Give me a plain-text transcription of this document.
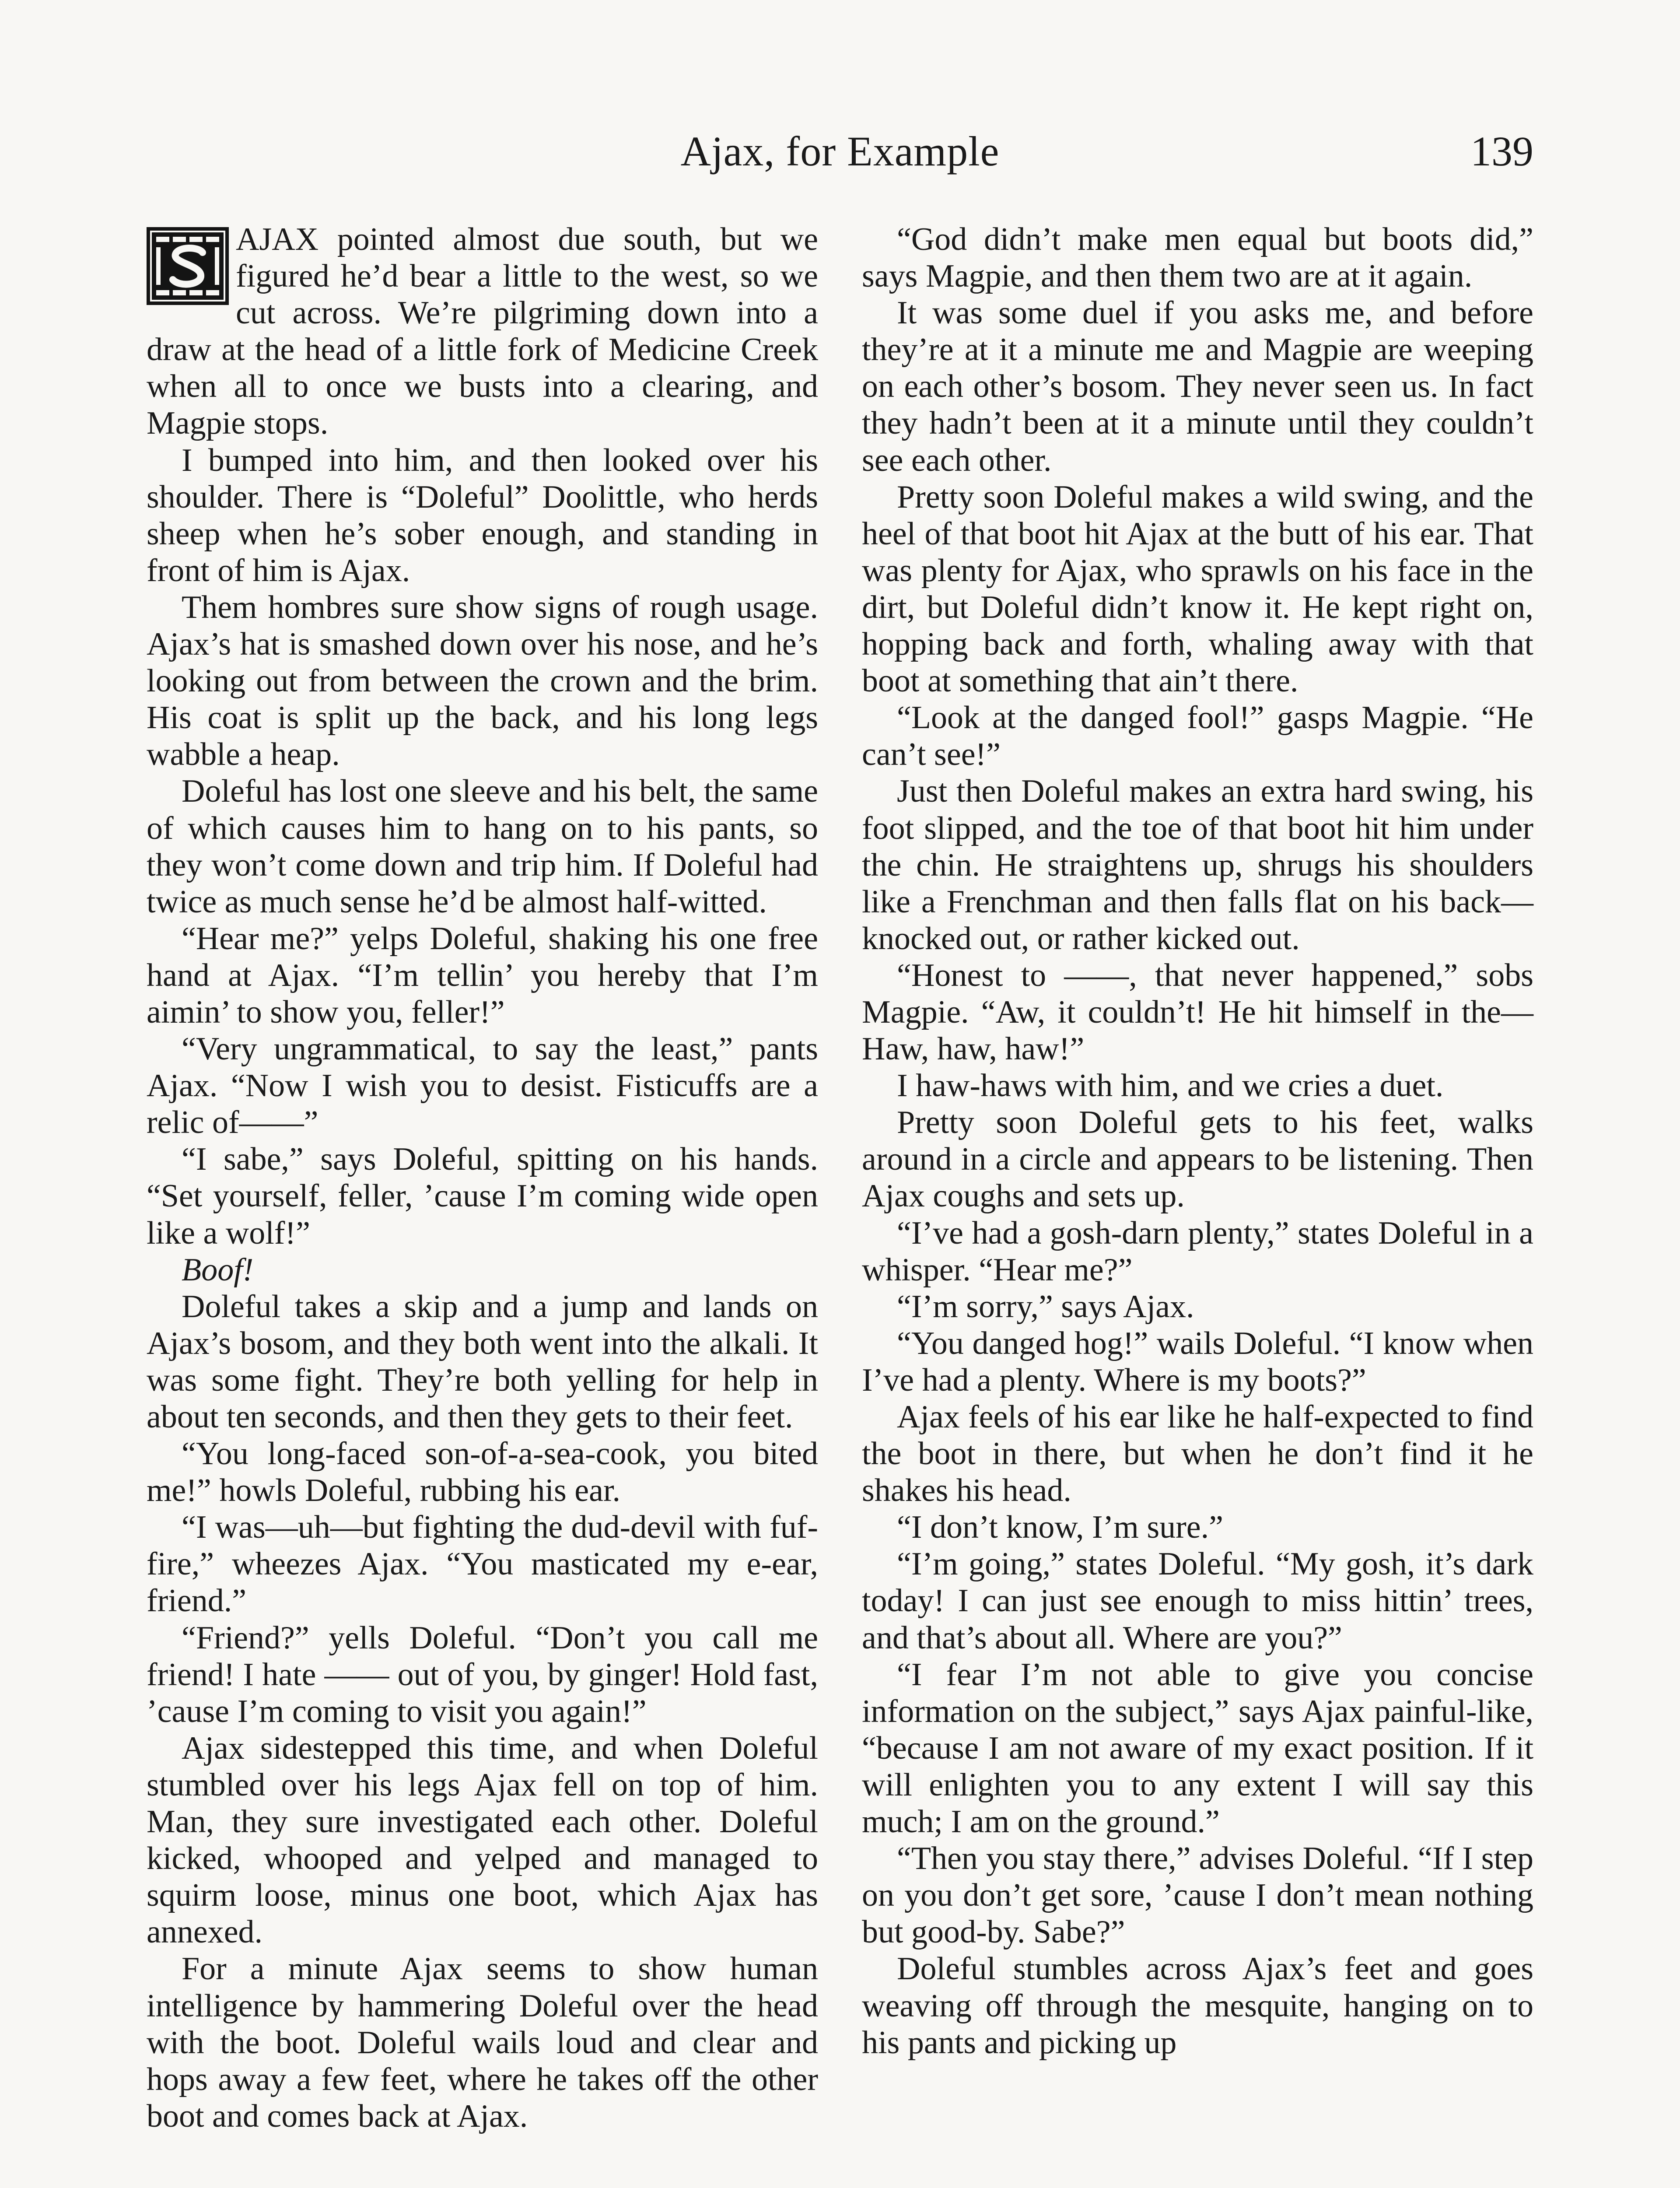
Ajax, for Example	139

AJAX pointed almost due south, but we figured he’d bear a little to the west, so we cut across. We’re pilgriming down into a draw at the head of a little fork of Medicine Creek when all to once we busts into a clearing, and Magpie stops.

I bumped into him, and then looked over his shoulder. There is “Doleful” Doolittle, who herds sheep when he’s sober enough, and standing in front of him is Ajax.

Them hombres sure show signs of rough usage. Ajax’s hat is smashed down over his nose, and he’s looking out from between the crown and the brim. His coat is split up the back, and his long legs wabble a heap.

Doleful has lost one sleeve and his belt, the same of which causes him to hang on to his pants, so they won’t come down and trip him. If Doleful had twice as much sense he’d be almost half-witted.

“Hear me?” yelps Doleful, shaking his one free hand at Ajax. “I’m tellin’ you hereby that I’m aimin’ to show you, feller!”

“Very ungrammatical, to say the least,” pants Ajax. “Now I wish you to desist. Fisticuffs are a relic of——”

“I sabe,” says Doleful, spitting on his hands. “Set yourself, feller, ’cause I’m coming wide open like a wolf!”

Boof!

Doleful takes a skip and a jump and lands on Ajax’s bosom, and they both went into the alkali. It was some fight. They’re both yelling for help in about ten seconds, and then they gets to their feet.

“You long-faced son-of-a-sea-cook, you bited me!” howls Doleful, rubbing his ear.

“I was—uh—but fighting the dud-devil with fuf-fire,” wheezes Ajax. “You masticated my e-ear, friend.”

“Friend?” yells Doleful. “Don’t you call me friend! I hate —— out of you, by ginger! Hold fast, ’cause I’m coming to visit you again!”

Ajax sidestepped this time, and when Doleful stumbled over his legs Ajax fell on top of him. Man, they sure investigated each other. Doleful kicked, whooped and yelped and managed to squirm loose, minus one boot, which Ajax has annexed.

For a minute Ajax seems to show human intelligence by hammering Doleful over the head with the boot. Doleful wails loud and clear and hops away a few feet, where he takes off the other boot and comes back at Ajax.

“God didn’t make men equal but boots did,” says Magpie, and then them two are at it again.

It was some duel if you asks me, and before they’re at it a minute me and Magpie are weeping on each other’s bosom. They never seen us. In fact they hadn’t been at it a minute until they couldn’t see each other.

Pretty soon Doleful makes a wild swing, and the heel of that boot hit Ajax at the butt of his ear. That was plenty for Ajax, who sprawls on his face in the dirt, but Doleful didn’t know it. He kept right on, hopping back and forth, whaling away with that boot at something that ain’t there.

“Look at the danged fool!” gasps Magpie. “He can’t see!”

Just then Doleful makes an extra hard swing, his foot slipped, and the toe of that boot hit him under the chin. He straightens up, shrugs his shoulders like a Frenchman and then falls flat on his back—knocked out, or rather kicked out.

“Honest to ——, that never happened,” sobs Magpie. “Aw, it couldn’t! He hit himself in the— Haw, haw, haw!”

I haw-haws with him, and we cries a duet.

Pretty soon Doleful gets to his feet, walks around in a circle and appears to be listening. Then Ajax coughs and sets up.

“I’ve had a gosh-darn plenty,” states Doleful in a whisper. “Hear me?”

“I’m sorry,” says Ajax.

“You danged hog!” wails Doleful. “I know when I’ve had a plenty. Where is my boots?”

Ajax feels of his ear like he half-expected to find the boot in there, but when he don’t find it he shakes his head.

“I don’t know, I’m sure.”

“I’m going,” states Doleful. “My gosh, it’s dark today! I can just see enough to miss hittin’ trees, and that’s about all. Where are you?”

“I fear I’m not able to give you concise information on the subject,” says Ajax painful-like, “because I am not aware of my exact position. If it will enlighten you to any extent I will say this much; I am on the ground.”

“Then you stay there,” advises Doleful. “If I step on you don’t get sore, ’cause I don’t mean nothing but good-by. Sabe?”

Doleful stumbles across Ajax’s feet and goes weaving off through the mesquite, hanging on to his pants and picking up
